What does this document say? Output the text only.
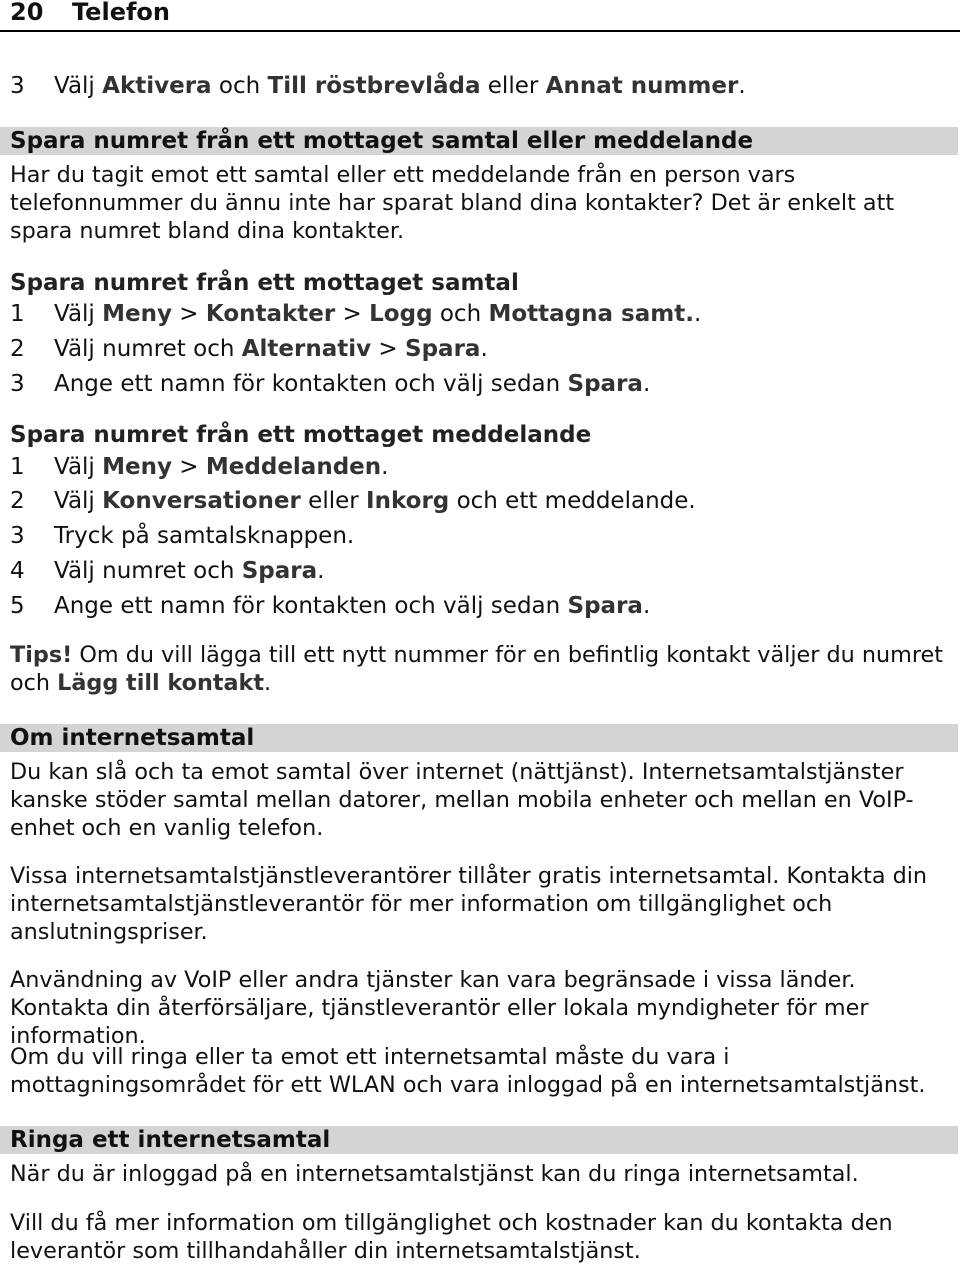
20 Telefon
3 Välj Aktivera och Till röstbrevlåda eller Annat nummer.
Spara numret från ett mottaget samtal eller meddelande
Har du tagit emot ett samtal eller ett meddelande från en person vars telefonnummer du ännu inte har sparat bland dina kontakter? Det är enkelt att spara numret bland dina kontakter.
Spara numret från ett mottaget samtal
1 Välj Meny > Kontakter > Logg och Mottagna samt..
2 Välj numret och Alternativ > Spara.
3 Ange ett namn för kontakten och välj sedan Spara.
Spara numret från ett mottaget meddelande
1 Välj Meny > Meddelanden.
2 Välj Konversationer eller Inkorg och ett meddelande.
3 Tryck på samtalsknappen.
4 Välj numret och Spara.
5 Ange ett namn för kontakten och välj sedan Spara.
Tips! Om du vill lägga till ett nytt nummer för en befintlig kontakt väljer du numret och Lägg till kontakt.
Om internetsamtal
Du kan slå och ta emot samtal över internet (nättjänst). Internetsamtalstjänster kanske stöder samtal mellan datorer, mellan mobila enheter och mellan en VoIP-enhet och en vanlig telefon.
Vissa internetsamtalstjänstleverantörer tillåter gratis internetsamtal. Kontakta din internetsamtalstjänstleverantör för mer information om tillgänglighet och anslutningspriser.
Användning av VoIP eller andra tjänster kan vara begränsade i vissa länder. Kontakta din återförsäljare, tjänstleverantör eller lokala myndigheter för mer information.
Om du vill ringa eller ta emot ett internetsamtal måste du vara i mottagningsområdet för ett WLAN och vara inloggad på en internetsamtalstjänst.
Ringa ett internetsamtal
När du är inloggad på en internetsamtalstjänst kan du ringa internetsamtal.
Vill du få mer information om tillgänglighet och kostnader kan du kontakta den leverantör som tillhandahåller din internetsamtalstjänst.
